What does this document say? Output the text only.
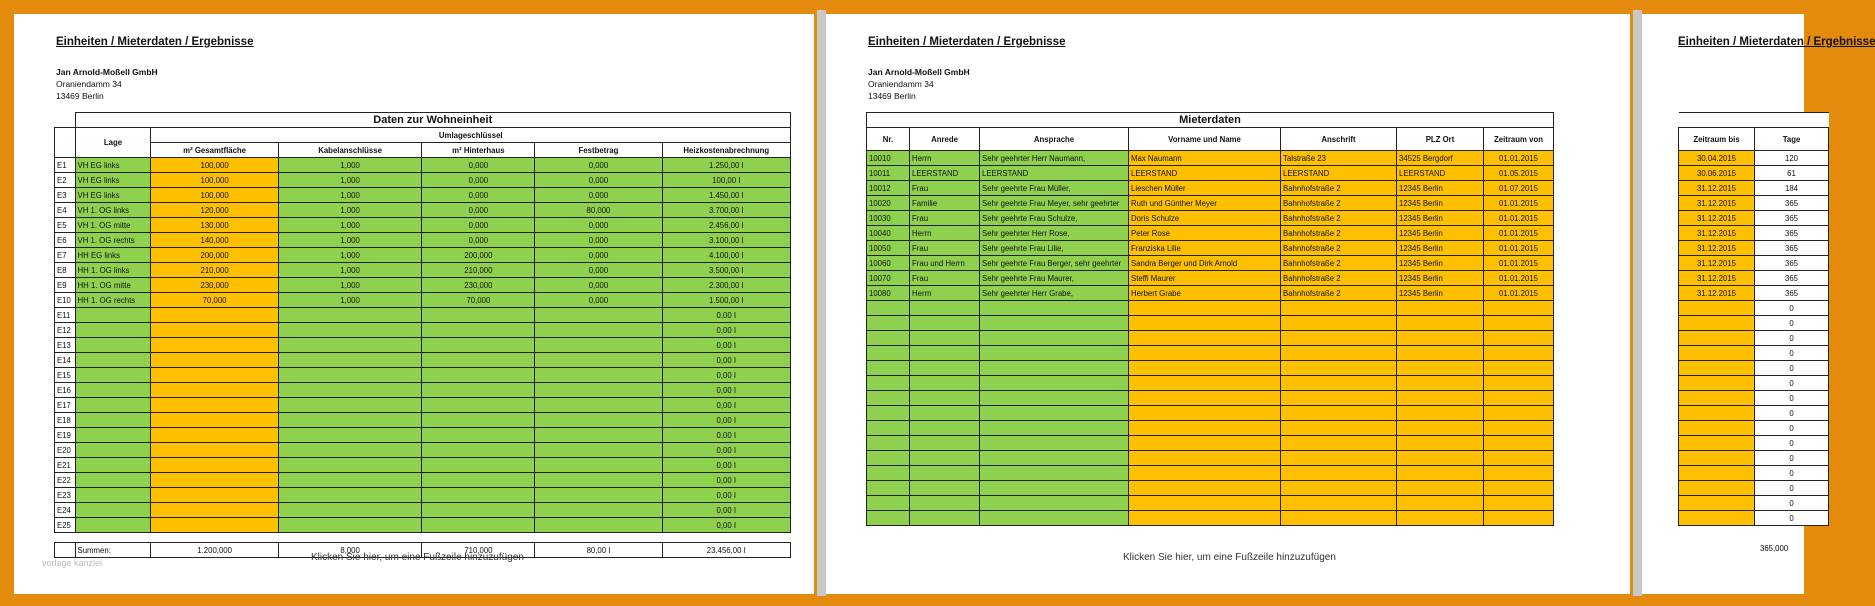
Einheiten / Mieterdaten / Ergebnisse
Jan Arnold-Moßell GmbH
Oraniendamm 34
13469 Berlin
	Daten zur Wohneinheit					
	Lage	Umlageschlüssel				
		m² Gesamtfläche	Kabelanschlüsse	m² Hinterhaus	Festbetrag	Heizkostenabrechnung
E1	VH EG links	100,000	1,000	0,000	0,000	1.250,00 I
E2	VH EG links	100,000	1,000	0,000	0,000	100,00 I
E3	VH EG links	100,000	1,000	0,000	0,000	1.450,00 I
E4	VH 1. OG links	120,000	1,000	0,000	80,000	3.700,00 I
E5	VH 1. OG mitte	130,000	1,000	0,000	0,000	2.456,00 I
E6	VH 1. OG rechts	140,000	1,000	0,000	0,000	3.100,00 I
E7	HH EG links	200,000	1,000	200,000	0,000	4.100,00 I
E8	HH 1. OG links	210,000	1,000	210,000	0,000	3.500,00 I
E9	HH 1. OG mitte	230,000	1,000	230,000	0,000	2.300,00 I
E10	HH 1. OG rechts	70,000	1,000	70,000	0,000	1.500,00 I
E11						0,00 I
E12						0,00 I
E13						0,00 I
E14						0,00 I
E15						0,00 I
E16						0,00 I
E17						0,00 I
E18						0,00 I
E19						0,00 I
E20						0,00 I
E21						0,00 I
E22						0,00 I
E23						0,00 I
E24						0,00 I
E25						0,00 I
	Summen:	1.200,000	8,000	710,000	80,00 I	23.456,00 I
Klicken Sie hier, um eine Fußzeile hinzuzufügen
vorlage kanzlei
Einheiten / Mieterdaten / Ergebnisse
Jan Arnold-Moßell GmbH
Oraniendamm 34
13469 Berlin
Mieterdaten						
Nr.	Anrede	Ansprache	Vorname und Name	Anschrift	PLZ Ort	Zeitraum von
10010	Herrn	Sehr geehrter Herr Naumann,	Max Naumann	Talstraße 23	34525 Bergdorf	01.01.2015
10011	LEERSTAND	LEERSTAND	LEERSTAND	LEERSTAND	LEERSTAND	01.05.2015
10012	Frau	Sehr geehrte Frau Müller,	Lieschen Müller	Bahnhofstraße 2	12345 Berlin	01.07.2015
10020	Familie	Sehr geehrte Frau Meyer, sehr geehrter	Ruth und Günther Meyer	Bahnhofstraße 2	12345 Berlin	01.01.2015
10030	Frau	Sehr geehrte Frau Schulze,	Doris Schulze	Bahnhofstraße 2	12345 Berlin	01.01.2015
10040	Herrn	Sehr geehrter Herr Rose,	Peter Rose	Bahnhofstraße 2	12345 Berlin	01.01.2015
10050	Frau	Sehr geehrte Frau Lilie,	Franziska Lilie	Bahnhofstraße 2	12345 Berlin	01.01.2015
10060	Frau und Herrn	Sehr geehrte Frau Berger, sehr geehrter	Sandra Berger und Dirk Arnold	Bahnhofstraße 2	12345 Berlin	01.01.2015
10070	Frau	Sehr geehrte Frau Maurer,	Steffi Maurer	Bahnhofstraße 2	12345 Berlin	01.01.2015
10080	Herrn	Sehr geehrter Herr Grabe,	Herbert Grabe	Bahnhofstraße 2	12345 Berlin	01.01.2015

Klicken Sie hier, um eine Fußzeile hinzuzufügen
Einheiten / Mieterdaten / Ergebnisse

Zeitraum bis	Tage
30.04.2015	120
30.06.2015	61
31.12.2015	184
31.12.2015	365
31.12.2015	365
31.12.2015	365
31.12.2015	365
31.12.2015	365
31.12.2015	365
31.12.2015	365
	0
	0
	0
	0
	0
	0
	0
	0
	0
	0
	0
	0
	0
	0
	0
365,000
